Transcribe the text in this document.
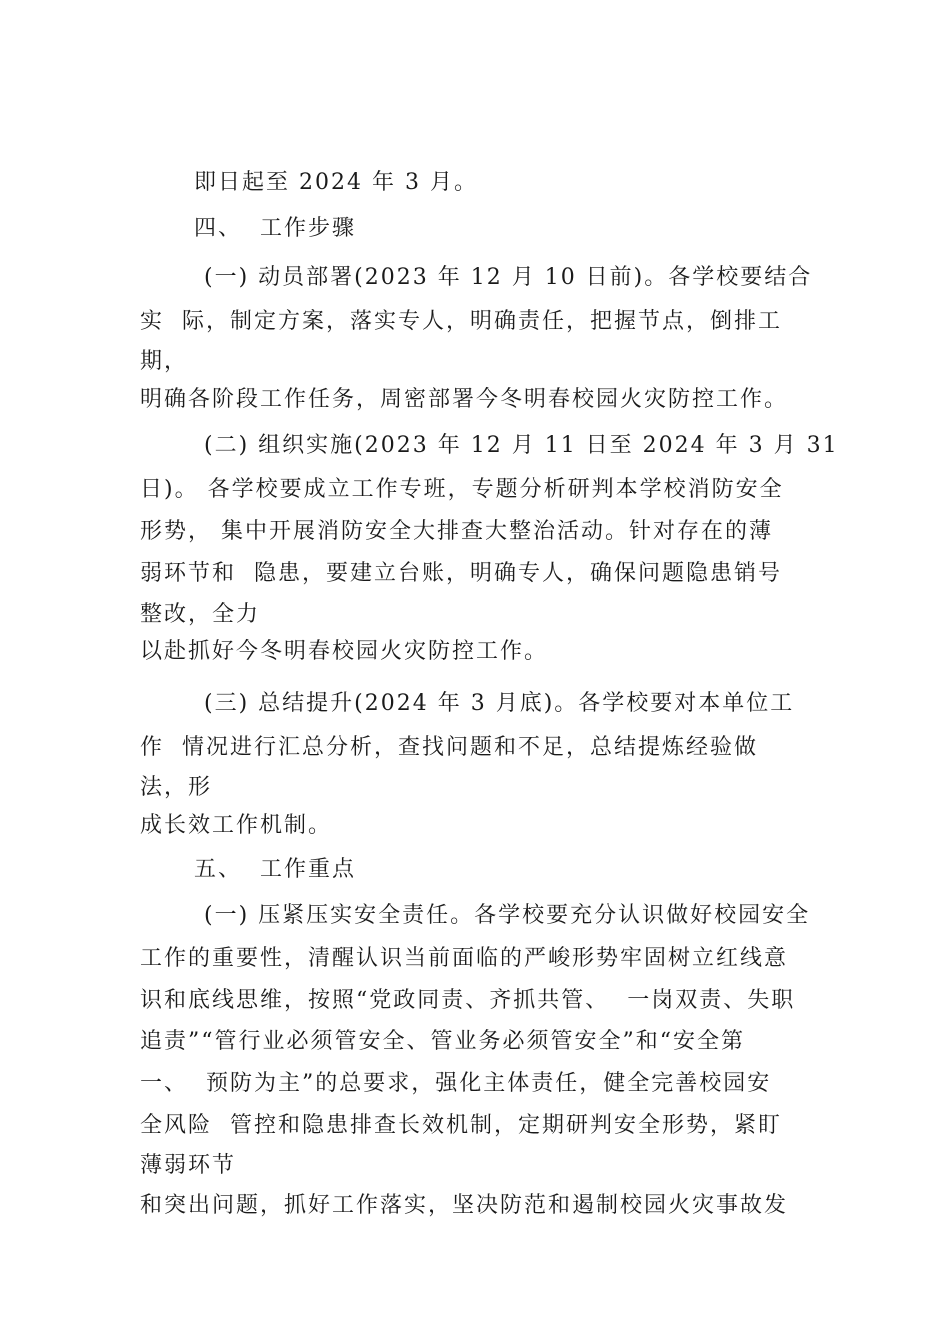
即日起至 2024 年 3 月。

四、  工作步骤

(一) 动员部署(2023 年 12 月 10 日前)。各学校要结合

实  际，制定方案，落实专人，明确责任，把握节点，倒排工

期，

明确各阶段工作任务，周密部署今冬明春校园火灾防控工作。

(二) 组织实施(2023 年 12 月 11 日至 2024 年 3 月 31

日)。 各学校要成立工作专班，专题分析研判本学校消防安全

形势， 集中开展消防安全大排查大整治活动。针对存在的薄

弱环节和  隐患，要建立台账，明确专人，确保问题隐患销号

整改，全力

以赴抓好今冬明春校园火灾防控工作。

(三) 总结提升(2024 年 3 月底)。各学校要对本单位工

作  情况进行汇总分析，查找问题和不足，总结提炼经验做

法，形

成长效工作机制。

五、  工作重点

(一) 压紧压实安全责任。各学校要充分认识做好校园安全

工作的重要性，清醒认识当前面临的严峻形势牢固树立红线意

识和底线思维，按照“党政同责、齐抓共管、  一岗双责、失职

追责”“管行业必须管安全、管业务必须管安全”和“安全第

一、  预防为主”的总要求，强化主体责任，健全完善校园安

全风险  管控和隐患排查长效机制，定期研判安全形势，紧盯

薄弱环节

和突出问题，抓好工作落实，坚决防范和遏制校园火灾事故发
